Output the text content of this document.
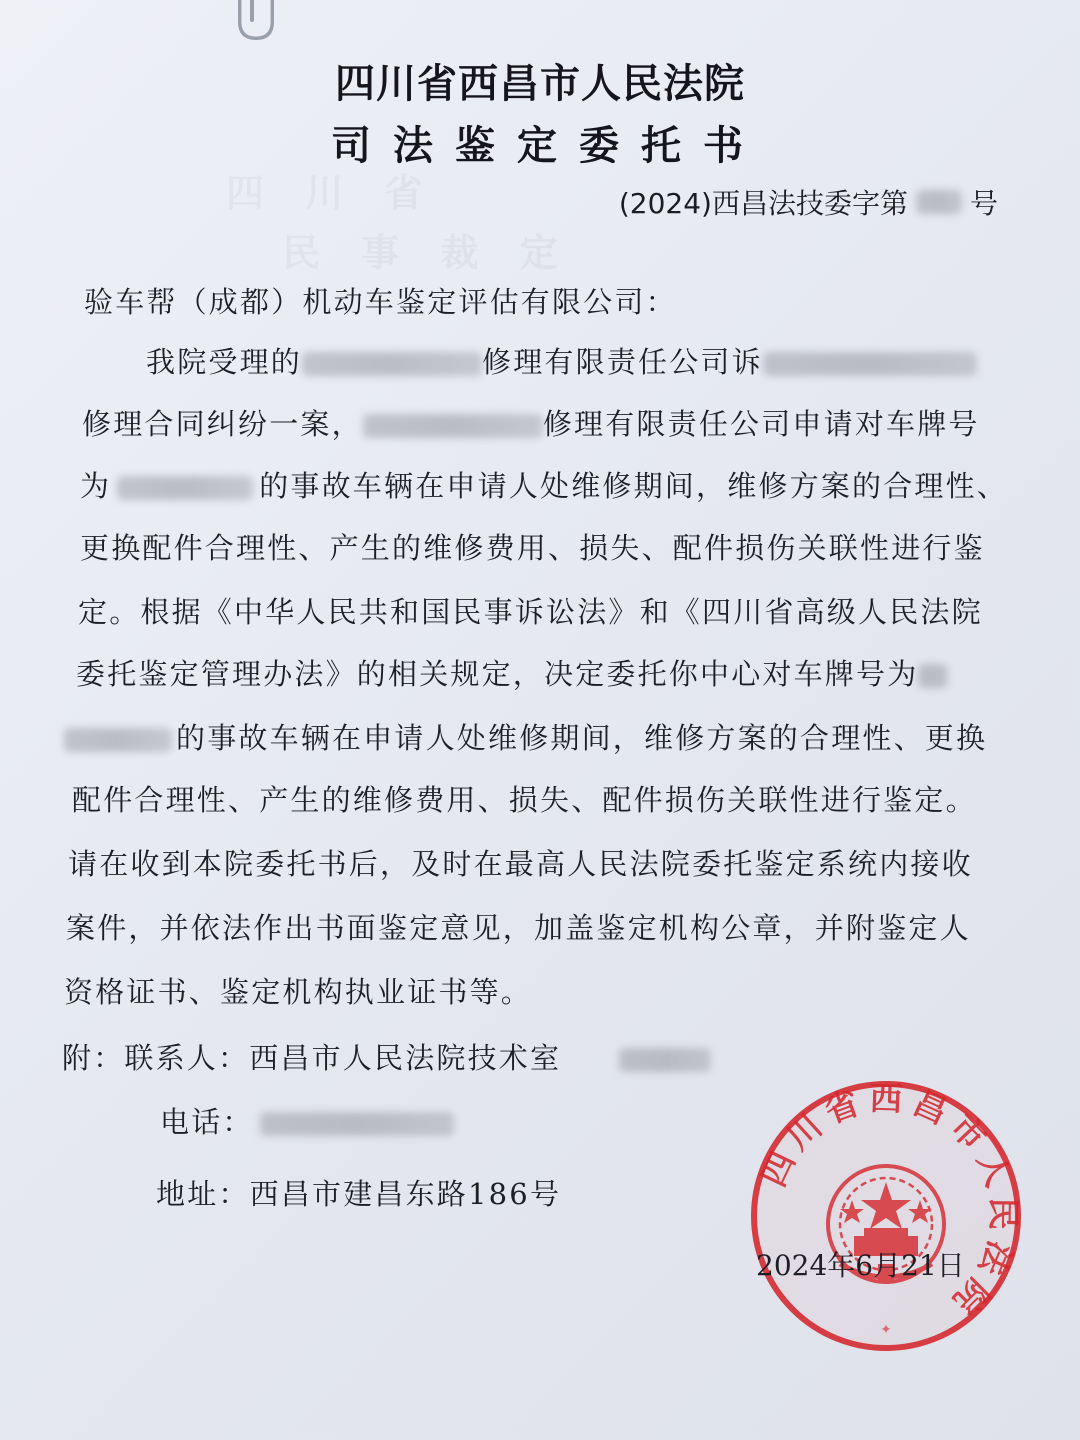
四 川 省
民 事 裁 定
四川省西昌市人民法院
司法鉴定委托书
(2024)西昌法技委字第 号
验车帮（成都）机动车鉴定评估有限公司：
我院受理的	修理有限责任公司诉
修理合同纠纷一案，	修理有限责任公司申请对车牌号
为	的事故车辆在申请人处维修期间，维修方案的合理性、
更换配件合理性、产生的维修费用、损失、配件损伤关联性进行鉴
定。根据《中华人民共和国民事诉讼法》和《四川省高级人民法院
委托鉴定管理办法》的相关规定，决定委托你中心对车牌号为
的事故车辆在申请人处维修期间，维修方案的合理性、更换
配件合理性、产生的维修费用、损失、配件损伤关联性进行鉴定。
请在收到本院委托书后，及时在最高人民法院委托鉴定系统内接收
案件，并依法作出书面鉴定意见，加盖鉴定机构公章，并附鉴定人
资格证书、鉴定机构执业证书等。
附：联系人：西昌市人民法院技术室
电话：
地址：西昌市建昌东路186号
四川省西昌市人民法院
✦
2024年6月21日
